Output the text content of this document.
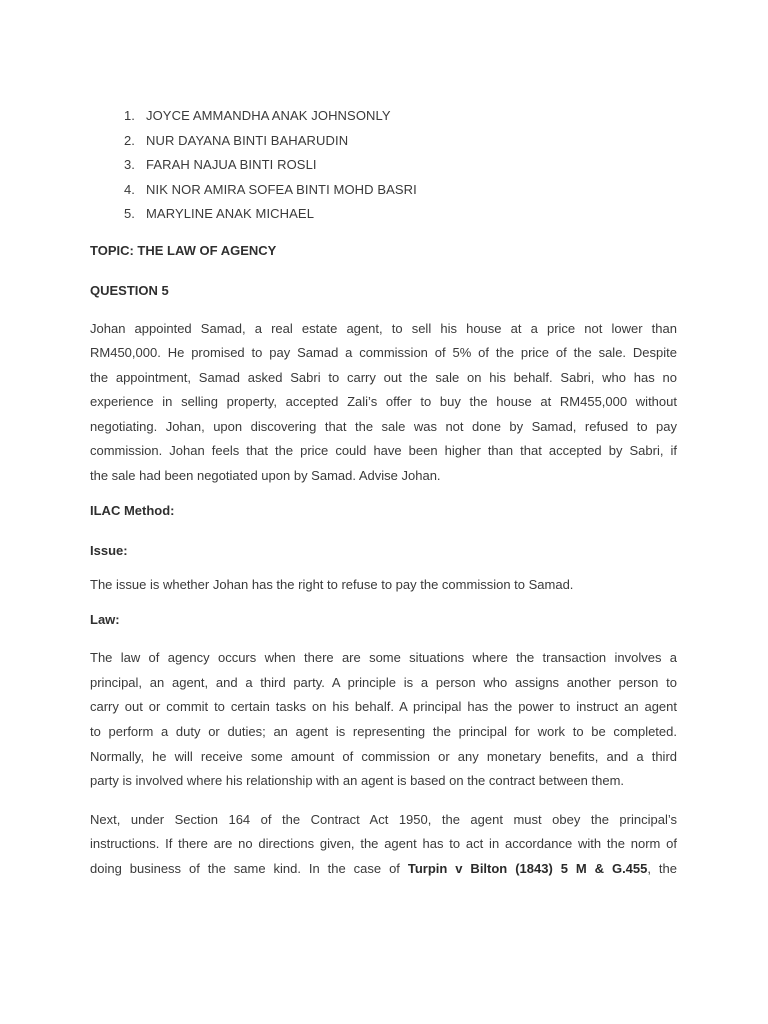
1. JOYCE AMMANDHA ANAK JOHNSONLY
2. NUR DAYANA BINTI BAHARUDIN
3. FARAH NAJUA BINTI ROSLI
4. NIK NOR AMIRA SOFEA BINTI MOHD BASRI
5. MARYLINE ANAK MICHAEL

TOPIC: THE LAW OF AGENCY

QUESTION 5

Johan appointed Samad, a real estate agent, to sell his house at a price not lower than
RM450,000. He promised to pay Samad a commission of 5% of the price of the sale. Despite
the appointment, Samad asked Sabri to carry out the sale on his behalf. Sabri, who has no
experience in selling property, accepted Zali’s offer to buy the house at RM455,000 without
negotiating. Johan, upon discovering that the sale was not done by Samad, refused to pay
commission. Johan feels that the price could have been higher than that accepted by Sabri, if
the sale had been negotiated upon by Samad. Advise Johan.

ILAC Method:

Issue:

The issue is whether Johan has the right to refuse to pay the commission to Samad.

Law:

The law of agency occurs when there are some situations where the transaction involves a
principal, an agent, and a third party. A principle is a person who assigns another person to
carry out or commit to certain tasks on his behalf. A principal has the power to instruct an agent
to perform a duty or duties; an agent is representing the principal for work to be completed.
Normally, he will receive some amount of commission or any monetary benefits, and a third
party is involved where his relationship with an agent is based on the contract between them.
Next, under Section 164 of the Contract Act 1950, the agent must obey the principal’s
instructions. If there are no directions given, the agent has to act in accordance with the norm of
doing business of the same kind. In the case of Turpin v Bilton (1843) 5 M & G.455, the
